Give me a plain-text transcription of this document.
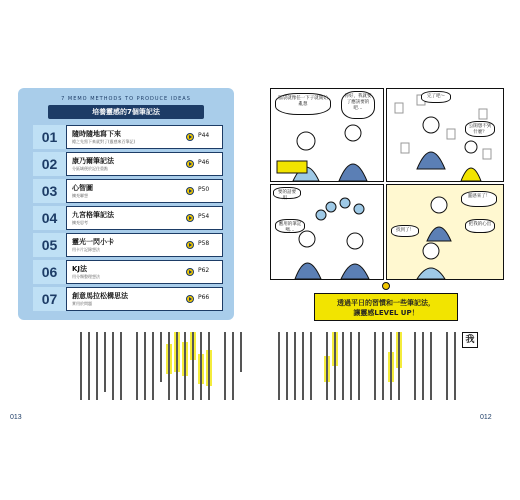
7 MEMO METHODS TO PRODUCE IDEAS
培養靈感的7個筆記法
01	隨時隨地寫下來
總之先寫下來就對了(靈感來百筆記)
P44
02	康乃爾筆記法
分區域便於記住重點
P46
03	心智圖
擴充聯想
P50
04	九宮格筆記法
擴充思考
P54
05	靈光一閃小卡
用卡片記錄想法
P58
06	KJ法
用分類整理想法
P62
07	創意馬拉松構思法
實用於問題
P66
013
腦袋就像任一下子就開始亂想
你好，我就要了應該要的吧…
完了吧～
公開想不到什麼？
要的話要用…
應用的筆記嗎…
靈感來了！
把我的心出
找到了！
透過平日的習慣和一些筆記法，
讓靈感LEVEL UP！
我
012
